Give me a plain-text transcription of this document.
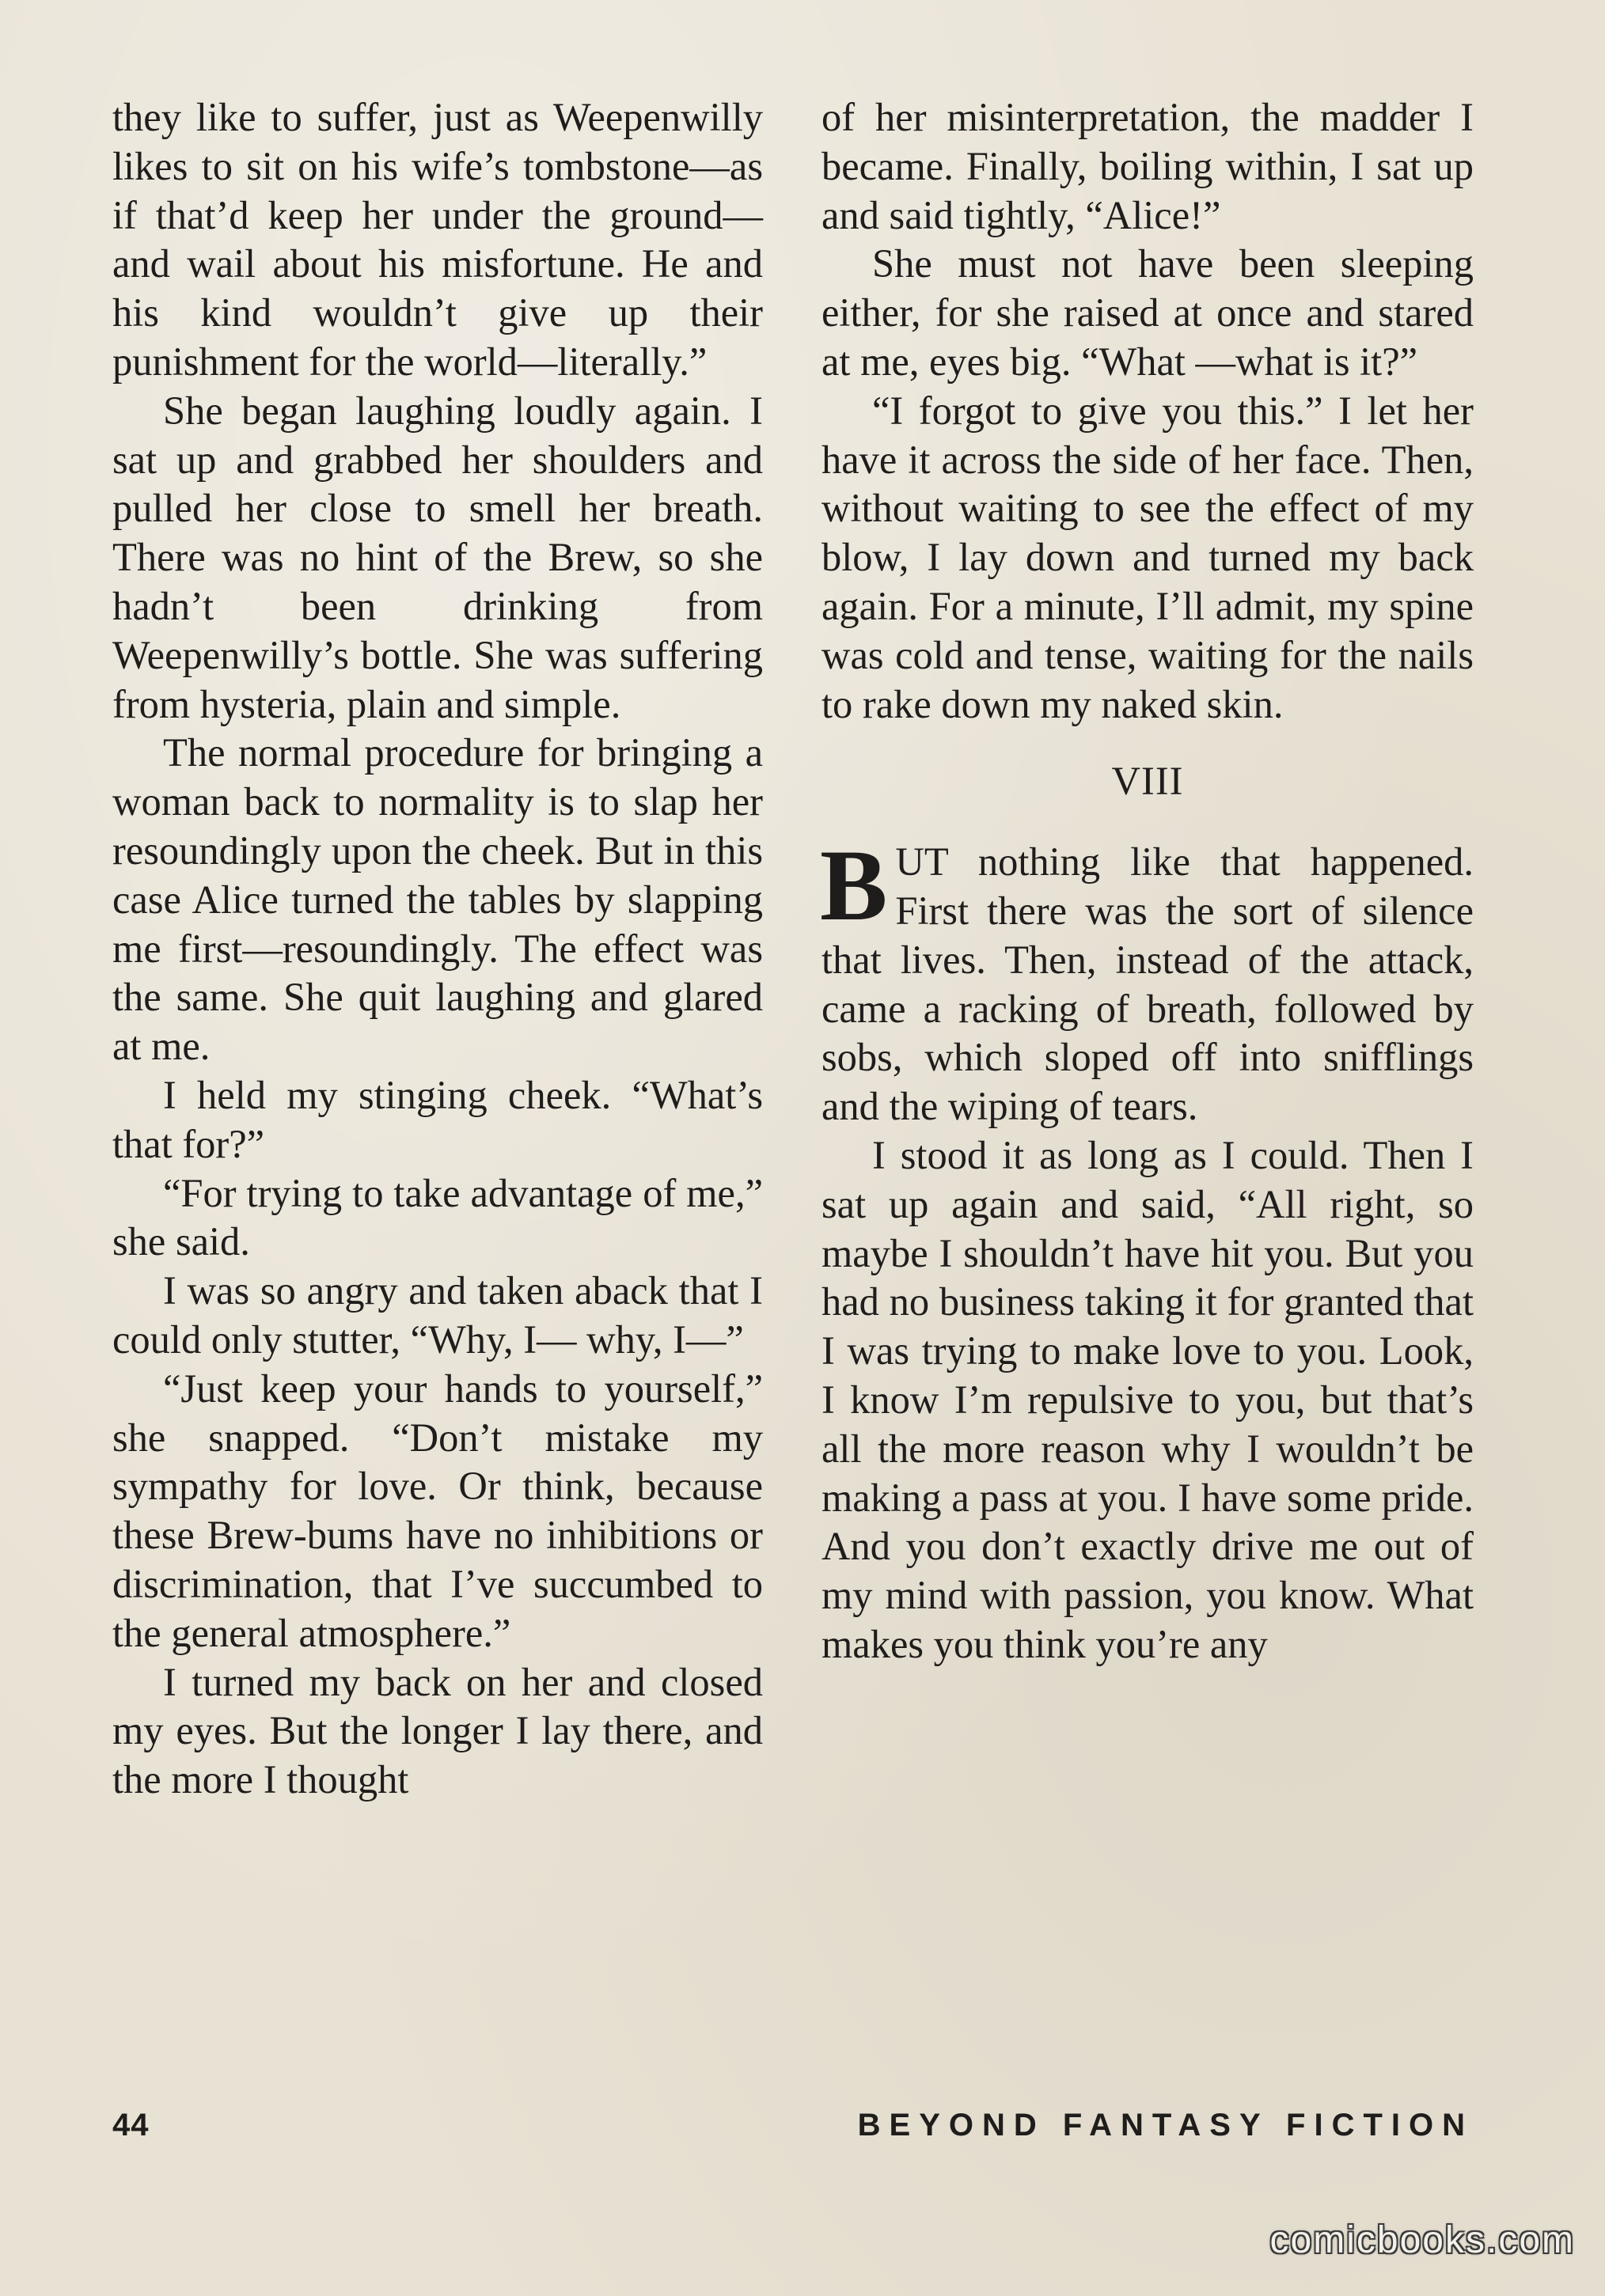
they like to suffer, just as Weepenwilly likes to sit on his wife’s tombstone—as if that’d keep her under the ground—and wail about his misfortune. He and his kind wouldn’t give up their punishment for the world—literally.”

She began laughing loudly again. I sat up and grabbed her shoulders and pulled her close to smell her breath. There was no hint of the Brew, so she hadn’t been drinking from Weepenwilly’s bottle. She was suffering from hysteria, plain and simple.

The normal procedure for bringing a woman back to normality is to slap her resoundingly upon the cheek. But in this case Alice turned the tables by slapping me first—resoundingly. The effect was the same. She quit laughing and glared at me.

I held my stinging cheek. “What’s that for?”

“For trying to take advantage of me,” she said.

I was so angry and taken aback that I could only stutter, “Why, I— why, I—”

“Just keep your hands to yourself,” she snapped. “Don’t mistake my sympathy for love. Or think, because these Brew-bums have no inhibitions or discrimination, that I’ve succumbed to the general atmosphere.”

I turned my back on her and closed my eyes. But the longer I lay there, and the more I thought

of her misinterpretation, the madder I became. Finally, boiling within, I sat up and said tightly, “Alice!”

She must not have been sleeping either, for she raised at once and stared at me, eyes big. “What —what is it?”

“I forgot to give you this.” I let her have it across the side of her face. Then, without waiting to see the effect of my blow, I lay down and turned my back again. For a minute, I’ll admit, my spine was cold and tense, waiting for the nails to rake down my naked skin.

VIII

BUT nothing like that happened. First there was the sort of silence that lives. Then, instead of the attack, came a racking of breath, followed by sobs, which sloped off into snifflings and the wiping of tears.

I stood it as long as I could. Then I sat up again and said, “All right, so maybe I shouldn’t have hit you. But you had no business taking it for granted that I was trying to make love to you. Look, I know I’m repulsive to you, but that’s all the more reason why I wouldn’t be making a pass at you. I have some pride. And you don’t exactly drive me out of my mind with passion, you know. What makes you think you’re any

44	BEYOND FANTASY FICTION
comicbooks.com
